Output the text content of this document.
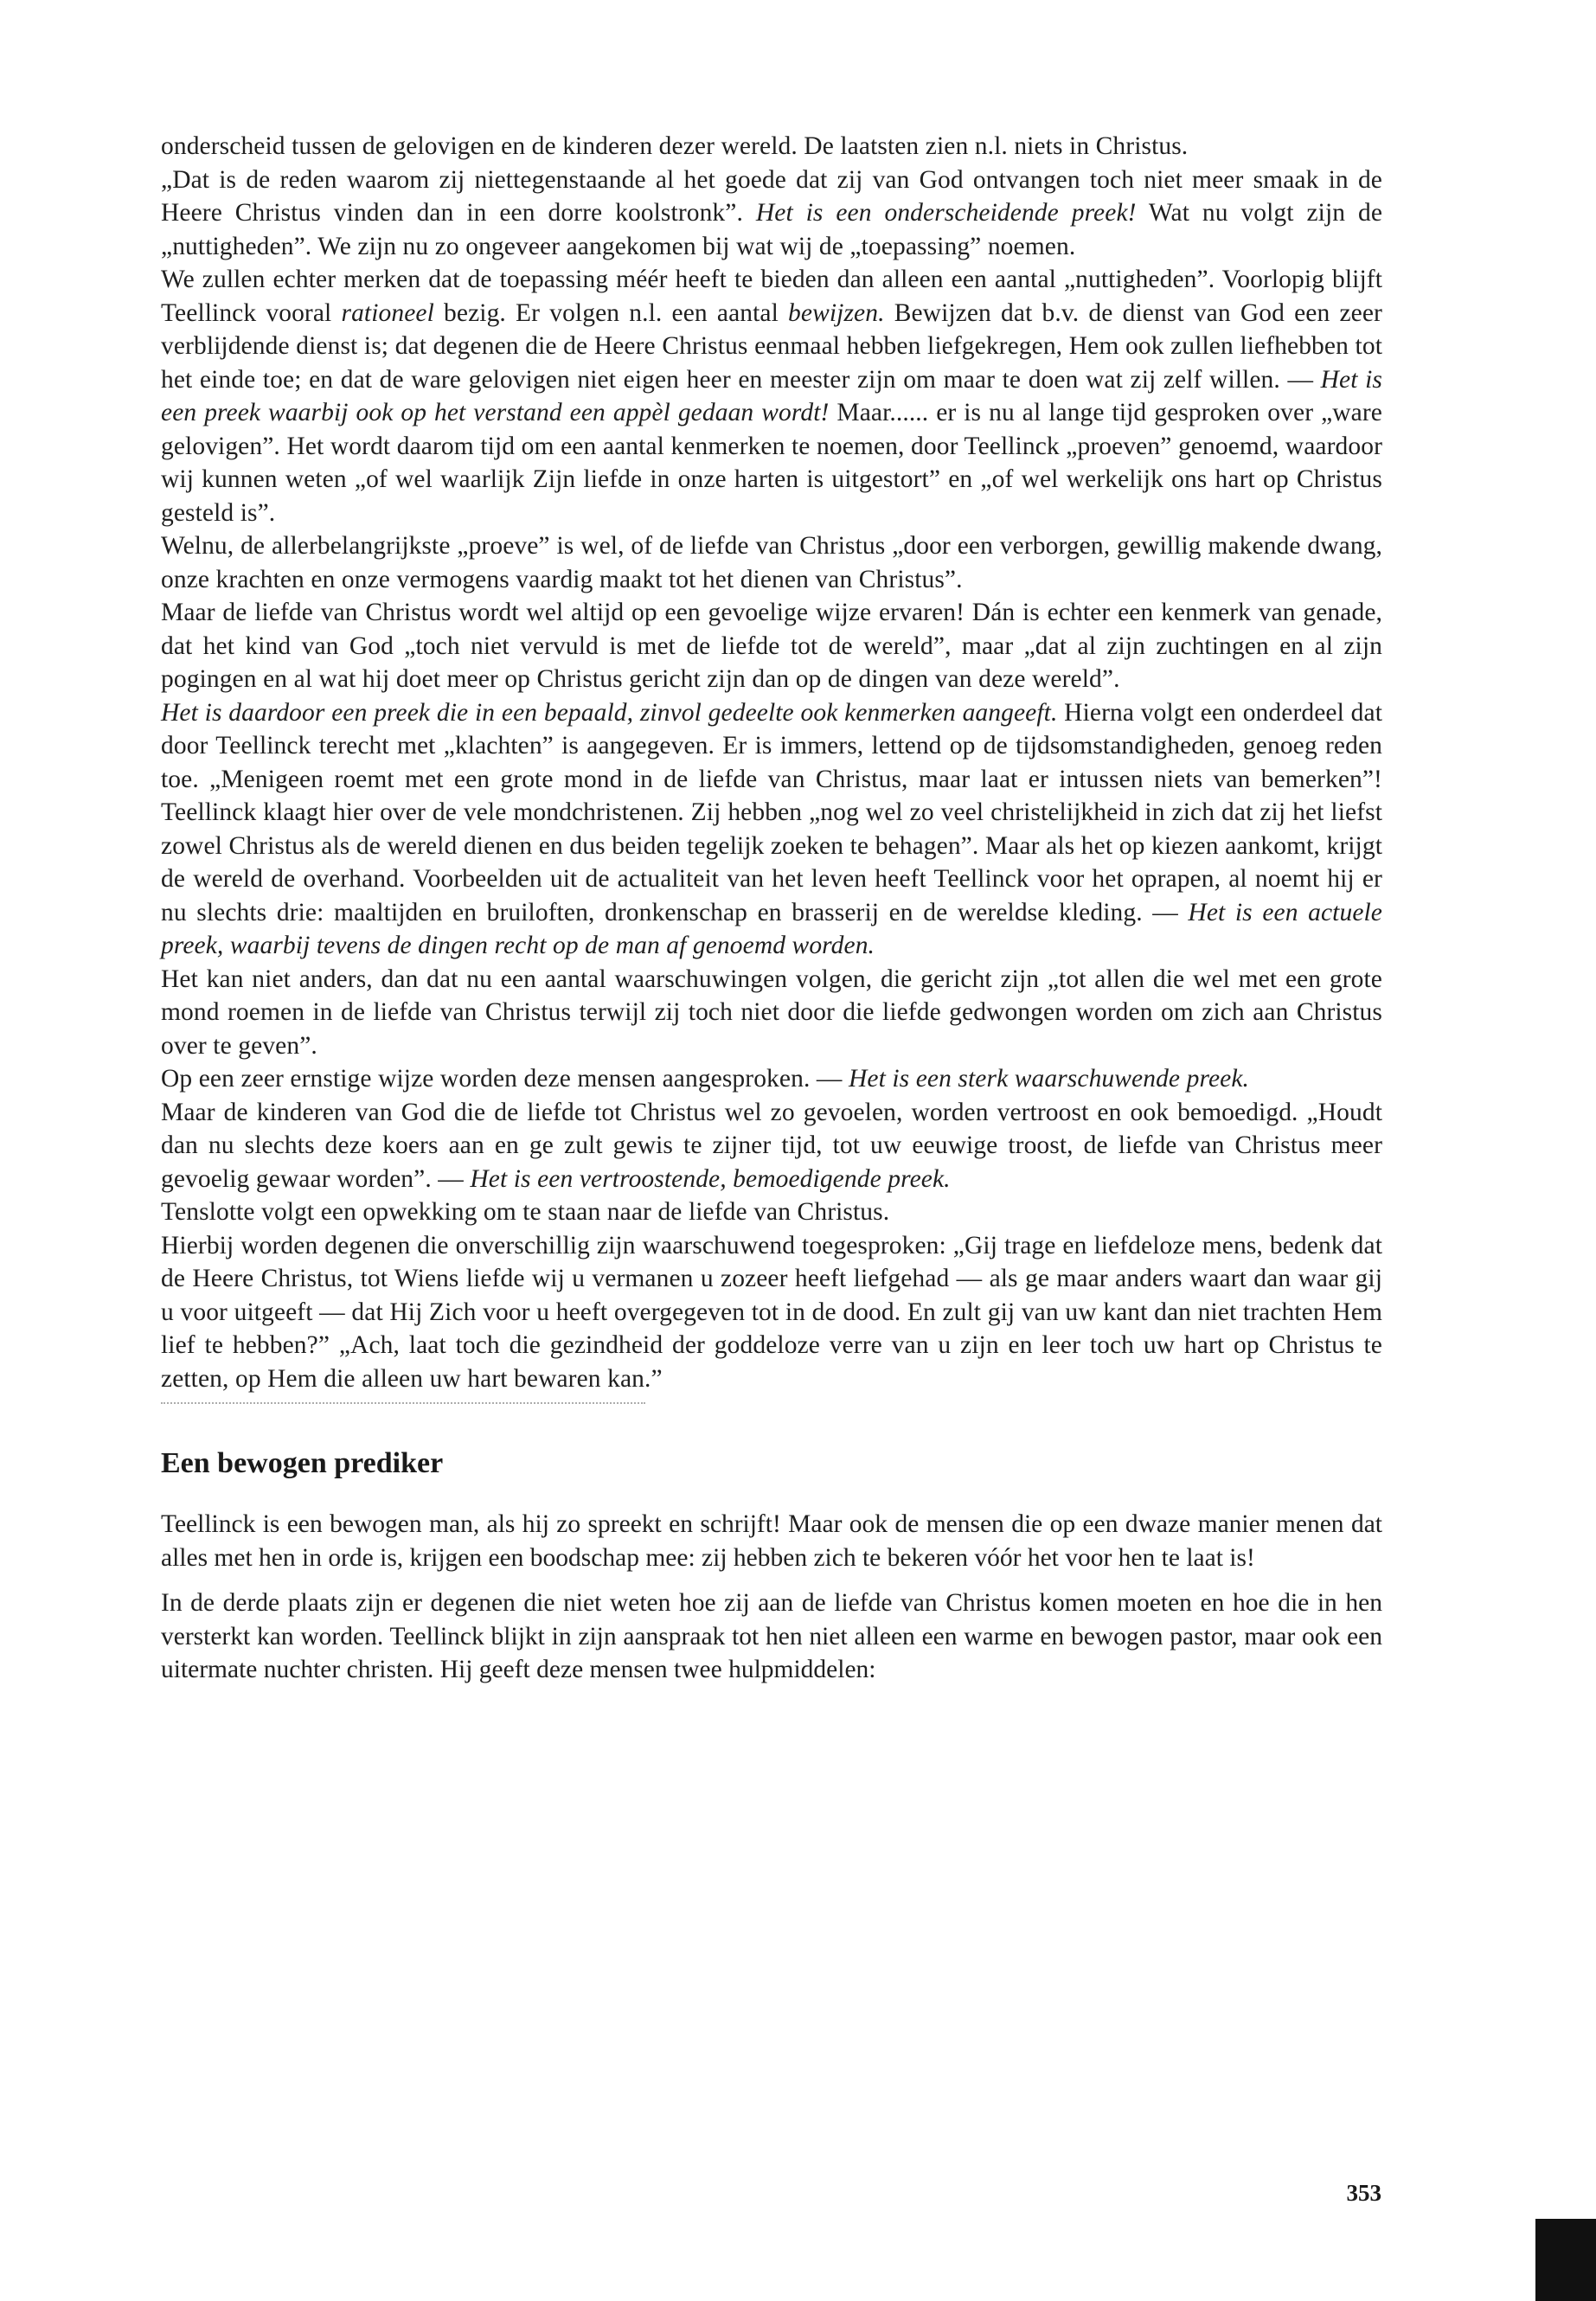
onderscheid tussen de gelovigen en de kinderen dezer wereld. De laatsten zien n.l. niets in Christus.

„Dat is de reden waarom zij niettegenstaande al het goede dat zij van God ontvangen toch niet meer smaak in de Heere Christus vinden dan in een dorre koolstronk”. Het is een onderscheidende preek! Wat nu volgt zijn de „nuttigheden”. We zijn nu zo ongeveer aangekomen bij wat wij de „toepassing” noemen.

We zullen echter merken dat de toepassing méér heeft te bieden dan alleen een aantal „nuttigheden”. Voorlopig blijft Teellinck vooral rationeel bezig. Er volgen n.l. een aantal bewijzen. Bewijzen dat b.v. de dienst van God een zeer verblijdende dienst is; dat degenen die de Heere Christus eenmaal hebben liefgekregen, Hem ook zullen liefhebben tot het einde toe; en dat de ware gelovigen niet eigen heer en meester zijn om maar te doen wat zij zelf willen. — Het is een preek waarbij ook op het verstand een appèl gedaan wordt! Maar...... er is nu al lange tijd gesproken over „ware gelovigen”. Het wordt daarom tijd om een aantal kenmerken te noemen, door Teellinck „proeven” genoemd, waardoor wij kunnen weten „of wel waarlijk Zijn liefde in onze harten is uitgestort” en „of wel werkelijk ons hart op Christus gesteld is”.

Welnu, de allerbelangrijkste „proeve” is wel, of de liefde van Christus „door een verborgen, gewillig makende dwang, onze krachten en onze vermogens vaardig maakt tot het dienen van Christus”.

Maar de liefde van Christus wordt wel altijd op een gevoelige wijze ervaren! Dán is echter een kenmerk van genade, dat het kind van God „toch niet vervuld is met de liefde tot de wereld”, maar „dat al zijn zuchtingen en al zijn pogingen en al wat hij doet meer op Christus gericht zijn dan op de dingen van deze wereld”.

Het is daardoor een preek die in een bepaald, zinvol gedeelte ook kenmerken aangeeft. Hierna volgt een onderdeel dat door Teellinck terecht met „klachten” is aangegeven. Er is immers, lettend op de tijdsomstandigheden, genoeg reden toe. „Menigeen roemt met een grote mond in de liefde van Christus, maar laat er intussen niets van bemerken”! Teellinck klaagt hier over de vele mondchristenen. Zij hebben „nog wel zo veel christelijkheid in zich dat zij het liefst zowel Christus als de wereld dienen en dus beiden tegelijk zoeken te behagen”. Maar als het op kiezen aankomt, krijgt de wereld de overhand. Voorbeelden uit de actualiteit van het leven heeft Teellinck voor het oprapen, al noemt hij er nu slechts drie: maaltijden en bruiloften, dronkenschap en brasserij en de wereldse kleding. — Het is een actuele preek, waarbij tevens de dingen recht op de man af genoemd worden.

Het kan niet anders, dan dat nu een aantal waarschuwingen volgen, die gericht zijn „tot allen die wel met een grote mond roemen in de liefde van Christus terwijl zij toch niet door die liefde gedwongen worden om zich aan Christus over te geven”.

Op een zeer ernstige wijze worden deze mensen aangesproken. — Het is een sterk waarschuwende preek.

Maar de kinderen van God die de liefde tot Christus wel zo gevoelen, worden vertroost en ook bemoedigd. „Houdt dan nu slechts deze koers aan en ge zult gewis te zijner tijd, tot uw eeuwige troost, de liefde van Christus meer gevoelig gewaar worden”. — Het is een vertroostende, bemoedigende preek.

Tenslotte volgt een opwekking om te staan naar de liefde van Christus.

Hierbij worden degenen die onverschillig zijn waarschuwend toegesproken: „Gij trage en liefdeloze mens, bedenk dat de Heere Christus, tot Wiens liefde wij u vermanen u zozeer heeft liefgehad — als ge maar anders waart dan waar gij u voor uitgeeft — dat Hij Zich voor u heeft overgegeven tot in de dood. En zult gij van uw kant dan niet trachten Hem lief te hebben?” „Ach, laat toch die gezindheid der goddeloze verre van u zijn en leer toch uw hart op Christus te zetten, op Hem die alleen uw hart bewaren kan.”

Een bewogen prediker

Teellinck is een bewogen man, als hij zo spreekt en schrijft! Maar ook de mensen die op een dwaze manier menen dat alles met hen in orde is, krijgen een boodschap mee: zij hebben zich te bekeren vóór het voor hen te laat is!

In de derde plaats zijn er degenen die niet weten hoe zij aan de liefde van Christus komen moeten en hoe die in hen versterkt kan worden. Teellinck blijkt in zijn aanspraak tot hen niet alleen een warme en bewogen pastor, maar ook een uitermate nuchter christen. Hij geeft deze mensen twee hulpmiddelen:

353
